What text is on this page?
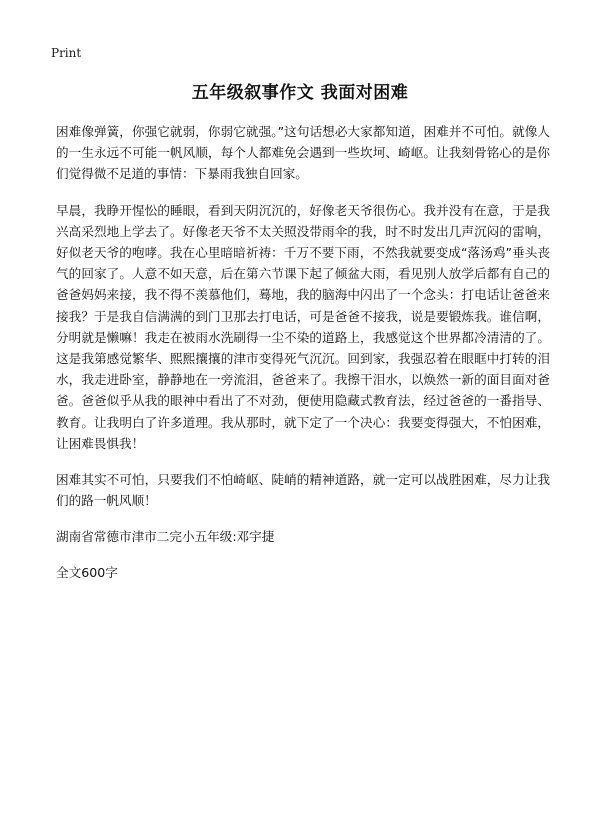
Print
五年级叙事作文 我面对困难

困难像弹簧，你强它就弱，你弱它就强。”这句话想必大家都知道，困难并不可怕。就像人的一生永远不可能一帆风顺，每个人都难免会遇到一些坎坷、崎岖。让我刻骨铭心的是你们觉得微不足道的事情：下暴雨我独自回家。

早晨，我睁开惺忪的睡眼，看到天阴沉沉的，好像老天爷很伤心。我并没有在意，于是我兴高采烈地上学去了。好像老天爷不太关照没带雨伞的我，时不时发出几声沉闷的雷响，好似老天爷的咆哮。我在心里暗暗祈祷：千万不要下雨，不然我就要变成“落汤鸡”垂头丧气的回家了。人意不如天意，后在第六节课下起了倾盆大雨，看见别人放学后都有自己的爸爸妈妈来接，我不得不羡慕他们，蓦地，我的脑海中闪出了一个念头：打电话让爸爸来接我？于是我自信满满的到门卫那去打电话，可是爸爸不接我，说是要锻炼我。谁信啊，分明就是懒嘛！我走在被雨水洗刷得一尘不染的道路上，我感觉这个世界都冷清清的了。这是我第感觉繁华、熙熙攘攘的津市变得死气沉沉。回到家，我强忍着在眼眶中打转的泪水，我走进卧室，静静地在一旁流泪，爸爸来了。我擦干泪水，以焕然一新的面目面对爸爸。爸爸似乎从我的眼神中看出了不对劲，便使用隐藏式教育法，经过爸爸的一番指导、教育。让我明白了许多道理。我从那时，就下定了一个决心：我要变得强大，不怕困难，让困难畏惧我！

困难其实不可怕，只要我们不怕崎岖、陡峭的精神道路，就一定可以战胜困难，尽力让我们的路一帆风顺！

湖南省常德市津市二完小五年级:邓宇捷

全文600字
